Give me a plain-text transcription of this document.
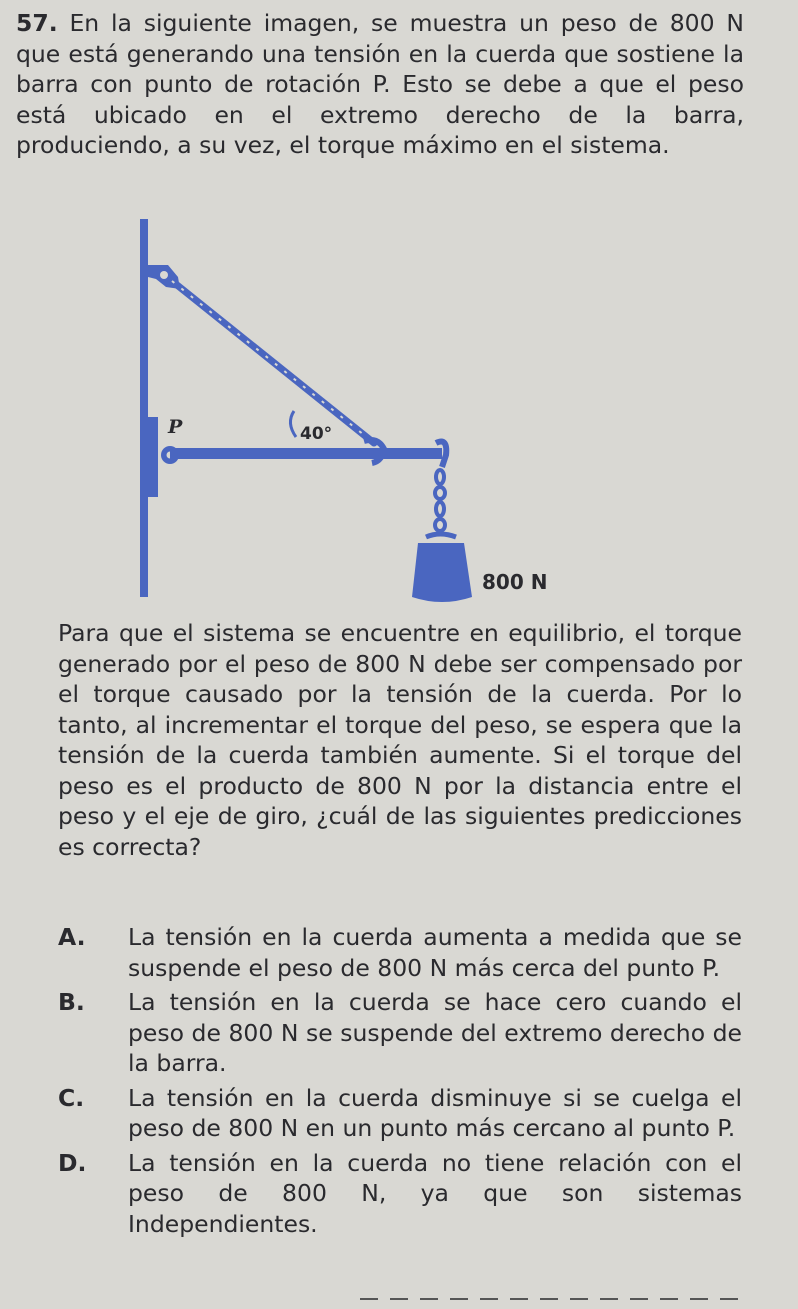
57. En la siguiente imagen, se muestra un peso de 800 N que está generando una tensión en la cuerda que sostiene la barra con punto de rotación P. Esto se debe a que el peso está ubicado en el extremo derecho de la barra, produciendo, a su vez, el torque máximo en el sistema.
P	40°
800 N
Para que el sistema se encuentre en equilibrio, el torque generado por el peso de 800 N debe ser compensado por el torque causado por la tensión de la cuerda. Por lo tanto, al incrementar el torque del peso, se espera que la tensión de la cuerda también aumente. Si el torque del peso es el producto de 800 N por la distancia entre el peso y el eje de giro, ¿cuál de las siguientes predicciones es correcta?
A. La tensión en la cuerda aumenta a medida que se suspende el peso de 800 N más cerca del punto P.
B. La tensión en la cuerda se hace cero cuando el peso de 800 N se suspende del extremo derecho de la barra.
C. La tensión en la cuerda disminuye si se cuelga el peso de 800 N en un punto más cercano al punto P.
D. La tensión en la cuerda no tiene relación con el peso de 800 N, ya que son sistemas Independientes.
